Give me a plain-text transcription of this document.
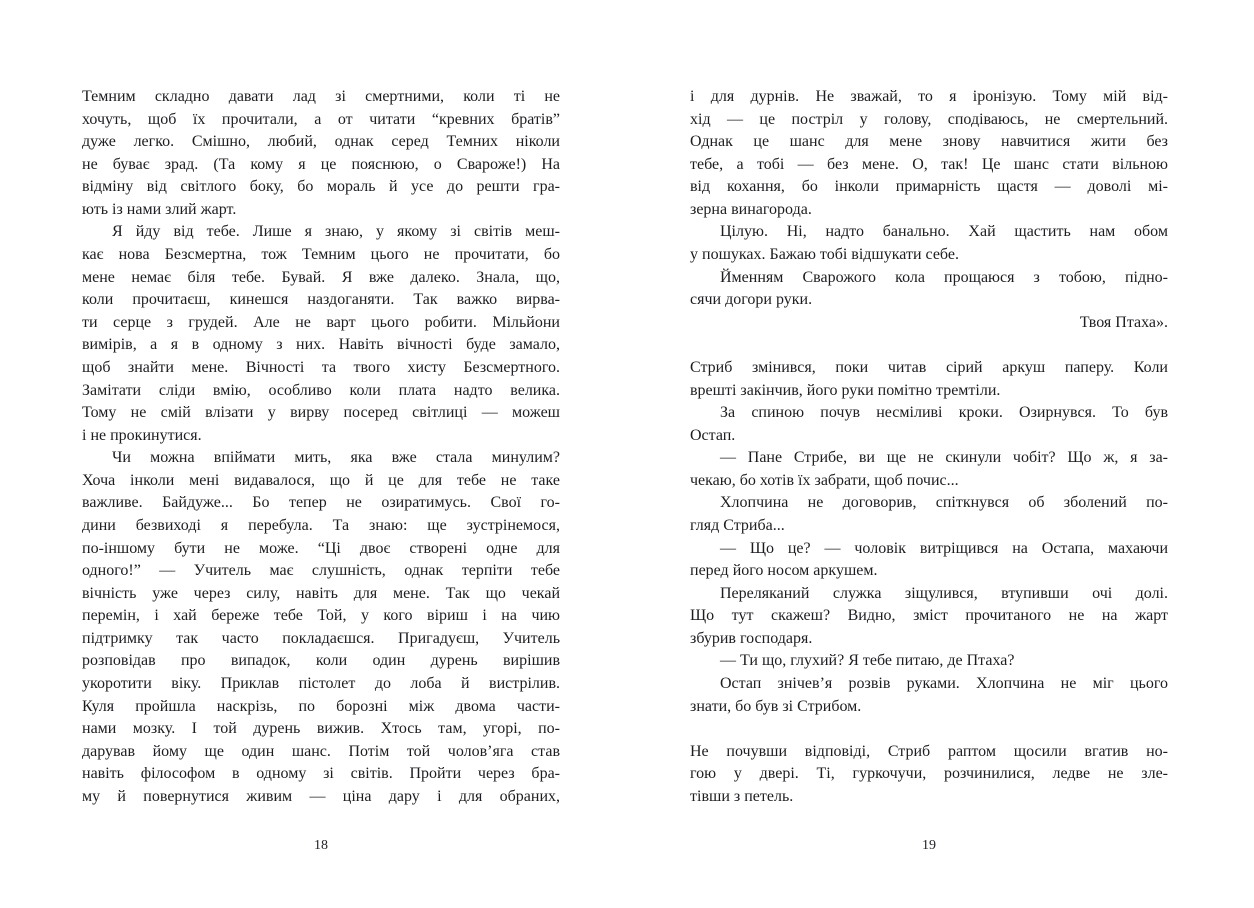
Темним складно давати лад зі смертними, коли ті не
хочуть, щоб їх прочитали, а от читати “кревних братів”
дуже легко. Смішно, любий, однак серед Темних ніколи
не буває зрад. (Та кому я це пояснюю, о Свароже!) На
відміну від світлого боку, бо мораль й усе до решти гра-
ють із нами злий жарт.
Я йду від тебе. Лише я знаю, у якому зі світів меш-
кає нова Безсмертна, тож Темним цього не прочитати, бо
мене немає біля тебе. Бувай. Я вже далеко. Знала, що,
коли прочитаєш, кинешся наздоганяти. Так важко вирва-
ти серце з грудей. Але не варт цього робити. Мільйони
вимірів, а я в одному з них. Навіть вічності буде замало,
щоб знайти мене. Вічності та твого хисту Безсмертного.
Замітати сліди вмію, особливо коли плата надто велика.
Тому не смій влізати у вирву посеред світлиці — можеш
і не прокинутися.
Чи можна впіймати мить, яка вже стала минулим?
Хоча інколи мені видавалося, що й це для тебе не таке
важливе. Байдуже... Бо тепер не озиратимусь. Свої го-
дини безвиході я перебула. Та знаю: ще зустрінемося,
по-іншому бути не може. “Ці двоє створені одне для
одного!” — Учитель має слушність, однак терпіти тебе
вічність уже через силу, навіть для мене. Так що чекай
перемін, і хай береже тебе Той, у кого віриш і на чию
підтримку так часто покладаєшся. Пригадуєш, Учитель
розповідав про випадок, коли один дурень вирішив
укоротити віку. Приклав пістолет до лоба й вистрілив.
Куля пройшла наскрізь, по борозні між двома части-
нами мозку. І той дурень вижив. Хтось там, угорі, по-
дарував йому ще один шанс. Потім той чолов’яга став
навіть філософом в одному зі світів. Пройти через бра-
му й повернутися живим — ціна дару і для обраних,
18
і для дурнів. Не зважай, то я іронізую. Тому мій від-
хід — це постріл у голову, сподіваюсь, не смертельний.
Однак це шанс для мене знову навчитися жити без
тебе, а тобі — без мене. О, так! Це шанс стати вільною
від кохання, бо інколи примарність щастя — доволі мі-
зерна винагорода.
Цілую. Ні, надто банально. Хай щастить нам обом
у пошуках. Бажаю тобі відшукати себе.
Йменням Сварожого кола прощаюся з тобою, підно-
сячи догори руки.
Твоя Птаха».

Стриб змінився, поки читав сірий аркуш паперу. Коли
врешті закінчив, його руки помітно тремтіли.
За спиною почув несміливі кроки. Озирнувся. То був
Остап.
— Пане Стрибе, ви ще не скинули чобіт? Що ж, я за-
чекаю, бо хотів їх забрати, щоб почис...
Хлопчина не договорив, спіткнувся об зболений по-
гляд Стриба...
— Що це? — чоловік витріщився на Остапа, махаючи
перед його носом аркушем.
Переляканий служка зіщулився, втупивши очі долі.
Що тут скажеш? Видно, зміст прочитаного не на жарт
збурив господаря.
— Ти що, глухий? Я тебе питаю, де Птаха?
Остап знічев’я розвів руками. Хлопчина не міг цього
знати, бо був зі Стрибом.

Не почувши відповіді, Стриб раптом щосили вгатив но-
гою у двері. Ті, гуркочучи, розчинилися, ледве не зле-
тівши з петель.
19
